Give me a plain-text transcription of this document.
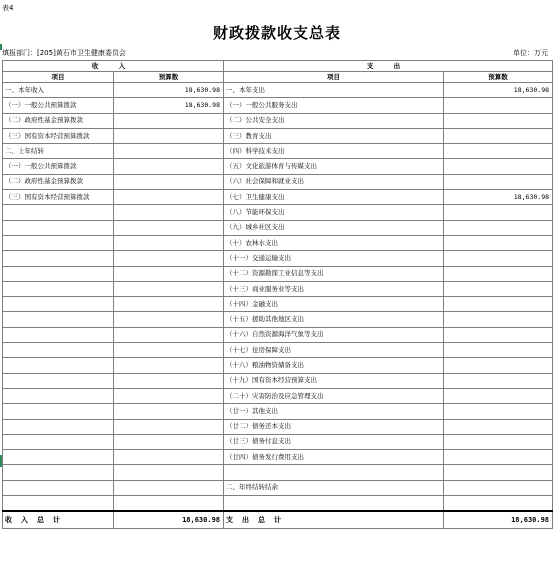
表4
财政拨款收支总表
填报部门：[205]黄石市卫生健康委员会	单位：万元
收 入		支 出	
项目	预算数	项目	预算数
一、本年收入	18,630.98	一、本年支出	18,630.98
（一）一般公共预算拨款	18,630.98	（一）一般公共服务支出	
（二）政府性基金预算拨款		（二）公共安全支出	
（三）国有资本经营预算拨款		（三）教育支出	
二、上年结转		（四）科学技术支出	
（一）一般公共预算拨款		（五）文化旅游体育与传媒支出	
（二）政府性基金预算拨款		（六）社会保障和就业支出	
（三）国有资本经营预算拨款		（七）卫生健康支出	18,630.98
		（八）节能环保支出	
		（九）城乡社区支出	
		（十）农林水支出	
		（十一）交通运输支出	
		（十二）资源勘探工业信息等支出	
		（十三）商业服务业等支出	
		（十四）金融支出	
		（十五）援助其他地区支出	
		（十六）自然资源海洋气象等支出	
		（十七）住房保障支出	
		（十八）粮油物资储备支出	
		（十九）国有资本经营预算支出	
		（二十）灾害防治及应急管理支出	
		（廿一）其他支出	
		（廿二）债务还本支出	
		（廿三）债务付息支出	
		（廿四）债务发行费用支出	

		二、年终结转结余	

收入总计	18,630.98	支出总计	18,630.98
